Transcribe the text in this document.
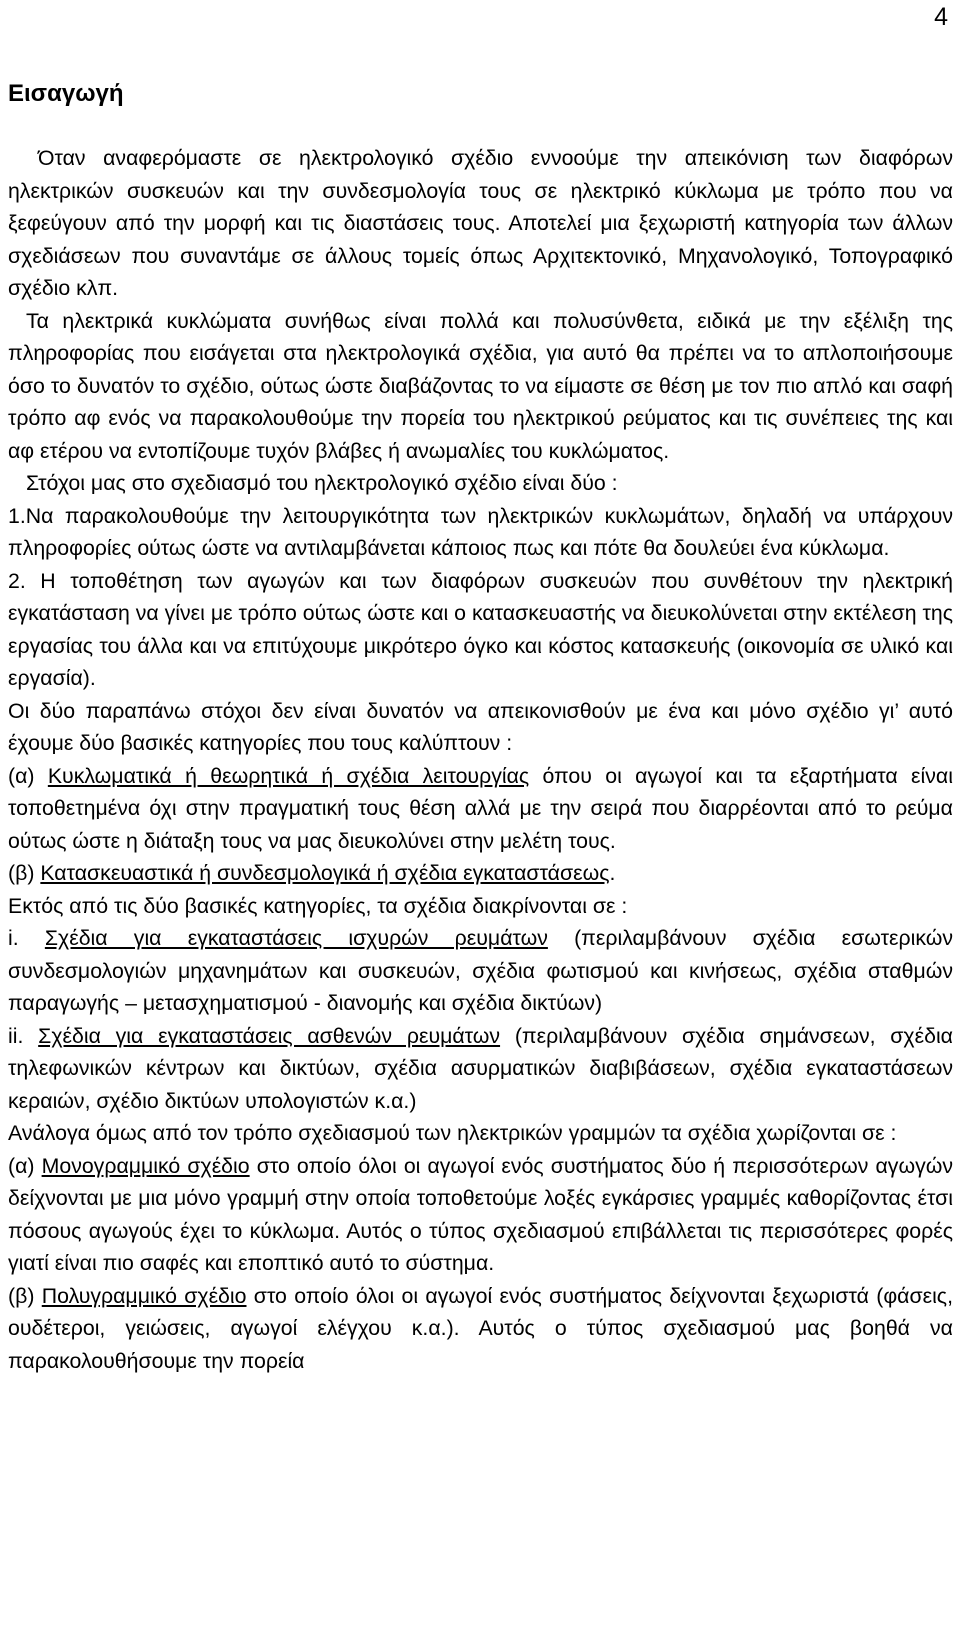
4
Εισαγωγή

Όταν αναφερόμαστε σε ηλεκτρολογικό σχέδιο εννοούμε την απεικόνιση των διαφόρων ηλεκτρικών συσκευών και την συνδεσμολογία τους σε ηλεκτρικό κύκλωμα με τρόπο που να ξεφεύγουν από την μορφή και τις διαστάσεις τους. Αποτελεί μια ξεχωριστή κατηγορία των άλλων σχεδιάσεων που συναντάμε σε άλλους τομείς όπως Αρχιτεκτονικό, Μηχανολογικό, Τοπογραφικό σχέδιο κλπ.

Τα ηλεκτρικά κυκλώματα συνήθως είναι πολλά και πολυσύνθετα, ειδικά με την εξέλιξη της πληροφορίας που εισάγεται στα ηλεκτρολογικά σχέδια, για αυτό θα πρέπει να το απλοποιήσουμε όσο το δυνατόν το σχέδιο, ούτως ώστε διαβάζοντας το να είμαστε σε θέση με τον πιο απλό και σαφή τρόπο αφ ενός να παρακολουθούμε την πορεία του ηλεκτρικού ρεύματος και τις συνέπειες της και αφ ετέρου να εντοπίζουμε τυχόν βλάβες ή ανωμαλίες του κυκλώματος.

Στόχοι μας στο σχεδιασμό του ηλεκτρολογικό σχέδιο είναι δύο :

1.Να παρακολουθούμε την λειτουργικότητα των ηλεκτρικών κυκλωμάτων, δηλαδή να υπάρχουν πληροφορίες ούτως ώστε να αντιλαμβάνεται κάποιος πως και πότε θα δουλεύει ένα κύκλωμα.

2. Η τοποθέτηση των αγωγών και των διαφόρων συσκευών που συνθέτουν την ηλεκτρική εγκατάσταση να γίνει με τρόπο ούτως ώστε και ο κατασκευαστής να διευκολύνεται στην εκτέλεση της εργασίας του άλλα και να επιτύχουμε μικρότερο όγκο και κόστος κατασκευής (οικονομία σε υλικό και εργασία).

Οι δύο παραπάνω στόχοι δεν είναι δυνατόν να απεικονισθούν με ένα και μόνο σχέδιο γι’ αυτό έχουμε δύο βασικές κατηγορίες που τους καλύπτουν :

(α) Κυκλωματικά ή θεωρητικά ή σχέδια λειτουργίας όπου οι αγωγοί και τα εξαρτήματα είναι τοποθετημένα όχι στην πραγματική τους θέση αλλά με την σειρά που διαρρέονται από το ρεύμα ούτως ώστε η διάταξη τους να μας διευκολύνει στην μελέτη τους.

(β) Κατασκευαστικά ή συνδεσμολογικά ή σχέδια εγκαταστάσεως.

Εκτός από τις δύο βασικές κατηγορίες, τα σχέδια διακρίνονται σε :

i. Σχέδια για εγκαταστάσεις ισχυρών ρευμάτων (περιλαμβάνουν σχέδια εσωτερικών συνδεσμολογιών μηχανημάτων και συσκευών, σχέδια φωτισμού και κινήσεως, σχέδια σταθμών παραγωγής – μετασχηματισμού - διανομής και σχέδια δικτύων)

ii. Σχέδια για εγκαταστάσεις ασθενών ρευμάτων (περιλαμβάνουν σχέδια σημάνσεων, σχέδια τηλεφωνικών κέντρων και δικτύων, σχέδια ασυρματικών διαβιβάσεων, σχέδια εγκαταστάσεων κεραιών, σχέδιο δικτύων υπολογιστών κ.α.)

Ανάλογα όμως από τον τρόπο σχεδιασμού των ηλεκτρικών γραμμών τα σχέδια χωρίζονται σε :

(α) Μονογραμμικό σχέδιο στο οποίο όλοι οι αγωγοί ενός συστήματος δύο ή περισσότερων αγωγών δείχνονται με μια μόνο γραμμή στην οποία τοποθετούμε λοξές εγκάρσιες γραμμές καθορίζοντας έτσι πόσους αγωγούς έχει το κύκλωμα. Αυτός ο τύπος σχεδιασμού επιβάλλεται τις περισσότερες φορές γιατί είναι πιο σαφές και εποπτικό αυτό το σύστημα.

(β) Πολυγραμμικό σχέδιο στο οποίο όλοι οι αγωγοί ενός συστήματος δείχνονται ξεχωριστά (φάσεις, ουδέτεροι, γειώσεις, αγωγοί ελέγχου κ.α.). Αυτός ο τύπος σχεδιασμού μας βοηθά να παρακολουθήσουμε την πορεία
